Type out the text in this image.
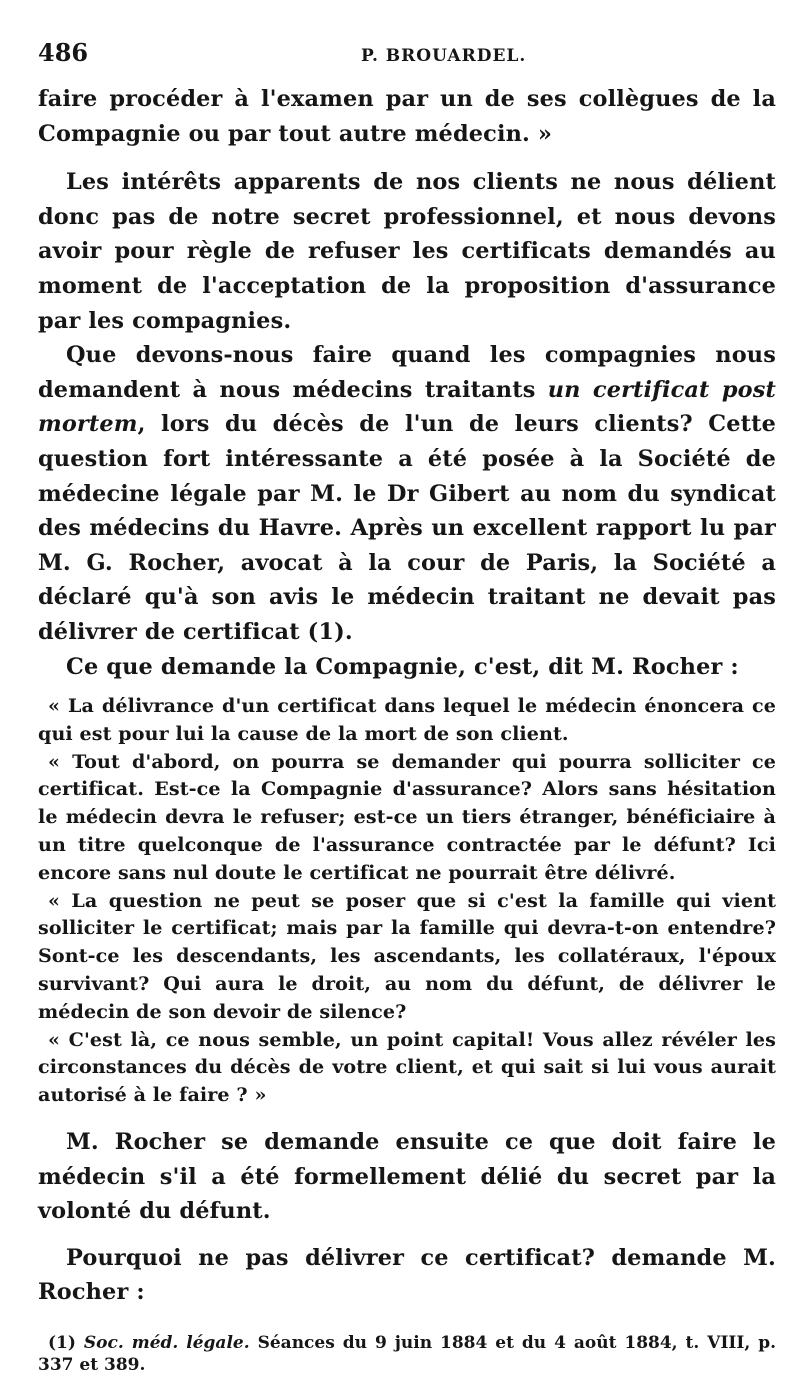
486	P. BROUARDEL.

faire procéder à l'examen par un de ses collègues de la Compagnie ou par tout autre médecin. »

Les intérêts apparents de nos clients ne nous délient donc pas de notre secret professionnel, et nous devons avoir pour règle de refuser les certificats demandés au moment de l'acceptation de la proposition d'assurance par les compagnies.

Que devons-nous faire quand les compagnies nous demandent à nous médecins traitants un certificat post mortem, lors du décès de l'un de leurs clients? Cette question fort intéressante a été posée à la Société de médecine légale par M. le Dr Gibert au nom du syndicat des médecins du Havre. Après un excellent rapport lu par M. G. Rocher, avocat à la cour de Paris, la Société a déclaré qu'à son avis le médecin traitant ne devait pas délivrer de certificat (1).

Ce que demande la Compagnie, c'est, dit M. Rocher :

« La délivrance d'un certificat dans lequel le médecin énoncera ce qui est pour lui la cause de la mort de son client.

« Tout d'abord, on pourra se demander qui pourra solliciter ce certificat. Est-ce la Compagnie d'assurance? Alors sans hésitation le médecin devra le refuser; est-ce un tiers étranger, bénéficiaire à un titre quelconque de l'assurance contractée par le défunt? Ici encore sans nul doute le certificat ne pourrait être délivré.

« La question ne peut se poser que si c'est la famille qui vient solliciter le certificat; mais par la famille qui devra-t-on entendre? Sont-ce les descendants, les ascendants, les collatéraux, l'époux survivant? Qui aura le droit, au nom du défunt, de délivrer le médecin de son devoir de silence?

« C'est là, ce nous semble, un point capital! Vous allez révéler les circonstances du décès de votre client, et qui sait si lui vous aurait autorisé à le faire ? »

M. Rocher se demande ensuite ce que doit faire le médecin s'il a été formellement délié du secret par la volonté du défunt.

Pourquoi ne pas délivrer ce certificat? demande M. Rocher :

(1) Soc. méd. légale. Séances du 9 juin 1884 et du 4 août 1884, t. VIII, p. 337 et 389.
